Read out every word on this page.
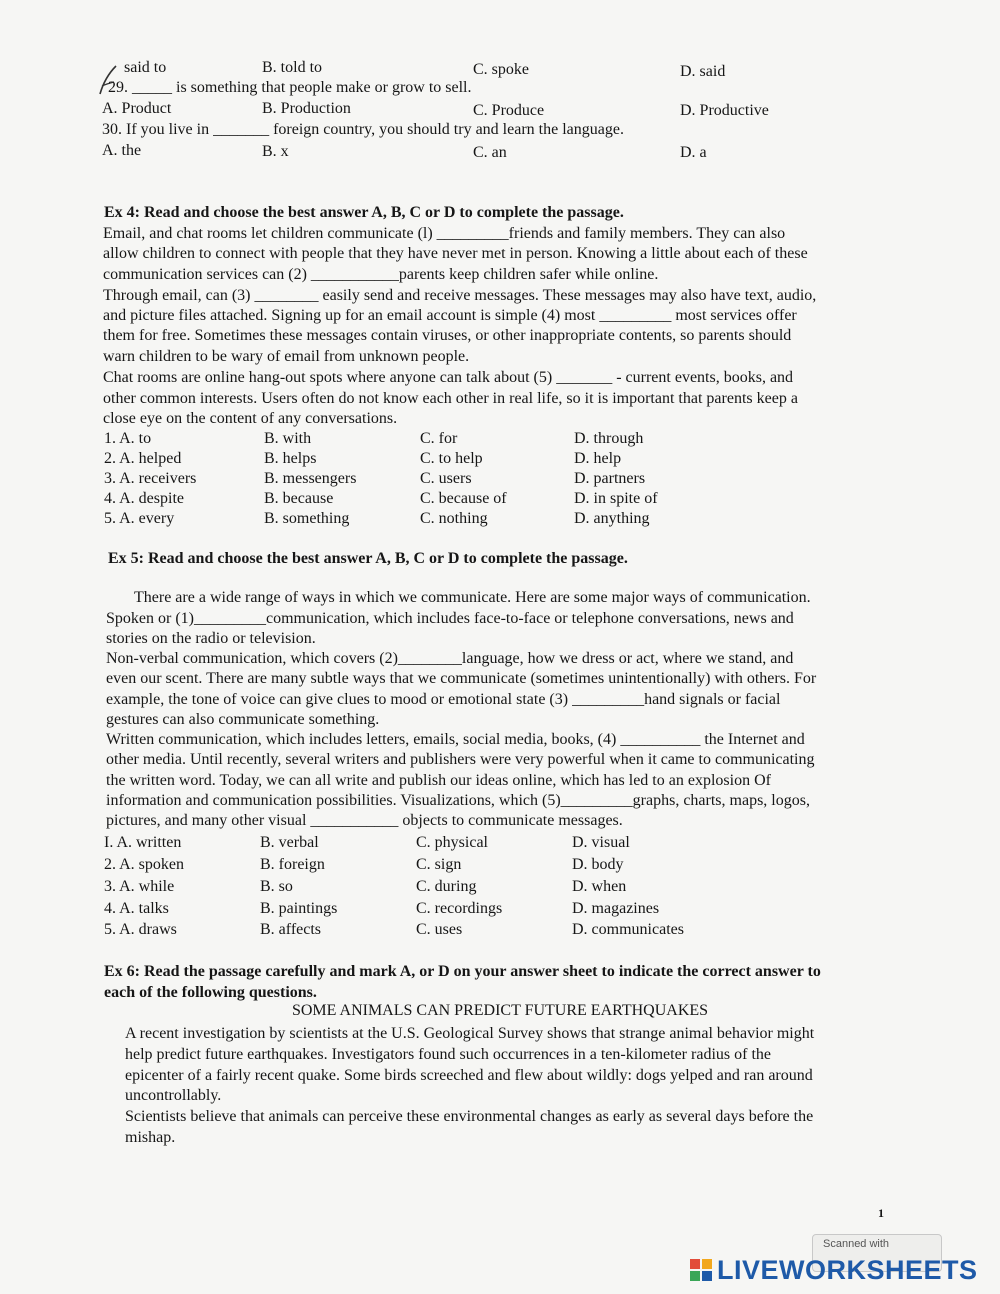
said to	B. told to	C. spoke	D. said
29. _____ is something that people make or grow to sell.
A. Product	B. Production	C. Produce	D. Productive
30. If you live in _______ foreign country, you should try and learn the language.
A. the	B. x	C. an	D. a
Ex 4: Read and choose the best answer A, B, C or D to complete the passage.
Email, and chat rooms let children communicate (l) _________friends and family members. They can also
allow children to connect with people that they have never met in person. Knowing a little about each of these
communication services can (2) ___________parents keep children safer while online.
Through email, can (3) ________ easily send and receive messages. These messages may also have text, audio,
and picture files attached. Signing up for an email account is simple (4) most _________ most services offer
them for free. Sometimes these messages contain viruses, or other inappropriate contents, so parents should
warn children to be wary of email from unknown people.
Chat rooms are online hang-out spots where anyone can talk about (5) _______ - current events, books, and
other common interests. Users often do not know each other in real life, so it is important that parents keep a
close eye on the content of any conversations.
1. A. to	B. with	C. for	D. through
2. A. helped	B. helps	C. to help	D. help
3. A. receivers	B. messengers	C. users	D. partners
4. A. despite	B. because	C. because of	D. in spite of
5. A. every	B. something	C. nothing	D. anything
Ex 5: Read and choose the best answer A, B, C or D to complete the passage.
There are a wide range of ways in which we communicate. Here are some major ways of communication.
Spoken or (1)_________communication, which includes face-to-face or telephone conversations, news and
stories on the radio or television.
Non-verbal communication, which covers (2)________language, how we dress or act, where we stand, and
even our scent. There are many subtle ways that we communicate (sometimes unintentionally) with others. For
example, the tone of voice can give clues to mood or emotional state (3) _________hand signals or facial
gestures can also communicate something.
Written communication, which includes letters, emails, social media, books, (4) __________ the Internet and
other media. Until recently, several writers and publishers were very powerful when it came to communicating
the written word. Today, we can all write and publish our ideas online, which has led to an explosion Of
information and communication possibilities. Visualizations, which (5)_________graphs, charts, maps, logos,
pictures, and many other visual ___________ objects to communicate messages.
I. A. written	B. verbal	C. physical	D. visual
2. A. spoken	B. foreign	C. sign	D. body
3. A. while	B. so	C. during	D. when
4. A. talks	B. paintings	C. recordings	D. magazines
5. A. draws	B. affects	C. uses	D. communicates
Ex 6: Read the passage carefully and mark A, or D on your answer sheet to indicate the correct answer to
each of the following questions.
SOME ANIMALS CAN PREDICT FUTURE EARTHQUAKES
A recent investigation by scientists at the U.S. Geological Survey shows that strange animal behavior might
help predict future earthquakes. Investigators found such occurrences in a ten-kilometer radius of the
epicenter of a fairly recent quake. Some birds screeched and flew about wildly: dogs yelped and ran around
uncontrollably.
Scientists believe that animals can perceive these environmental changes as early as several days before the
mishap.
1
Scanned with
LIVEWORKSHEETS
